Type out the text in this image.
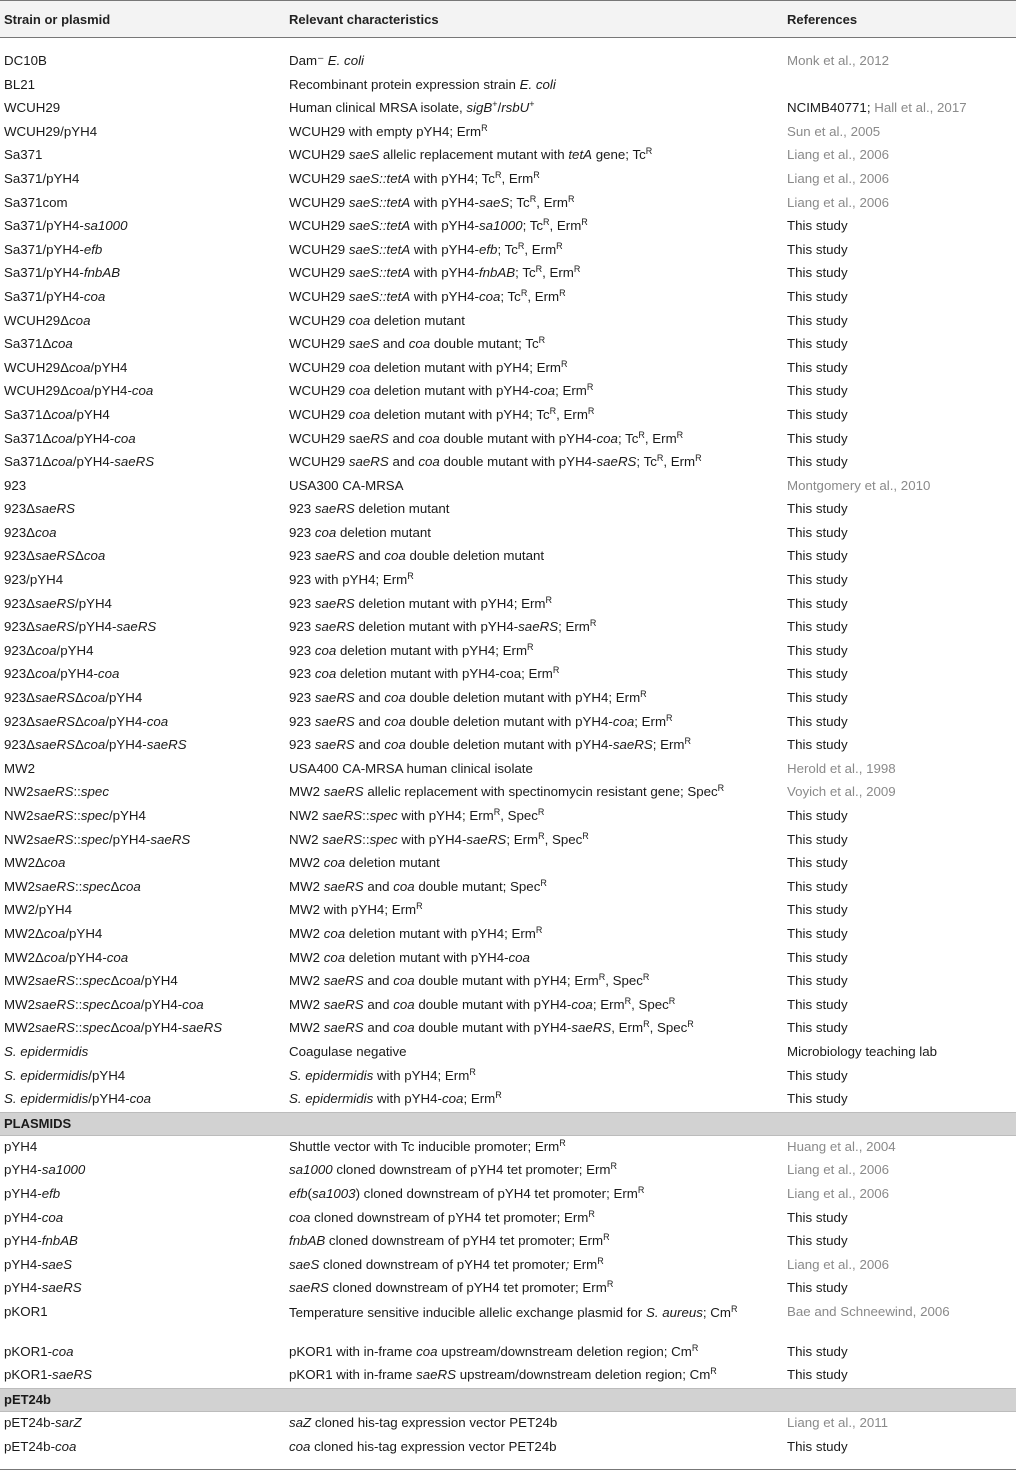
Strain or plasmid	Relevant characteristics	References
DC10B	Dam⁻ E. coli	Monk et al., 2012
BL21	Recombinant protein expression strain E. coli
WCUH29	Human clinical MRSA isolate, sigB+/rsbU+	NCIMB40771; Hall et al., 2017
WCUH29/pYH4	WCUH29 with empty pYH4; Erm$^R$	Sun et al., 2005
Sa371	WCUH29 saeS allelic replacement mutant with tetA gene; $Tc^R$	Liang et al., 2006
Sa371/pYH4	WCUH29 saeS::tetA with pYH4; $Tc^R$, Erm$^R$	Liang et al., 2006
Sa371com	WCUH29 saeS::tetA with pYH4-saeS; $Tc^R$, Erm$^R$	Liang et al., 2006
Sa371/pYH4-sa1000	WCUH29 saeS::tetA with pYH4-sa1000; $Tc^R$, Erm$^R$	This study
Sa371/pYH4-efb	WCUH29 saeS::tetA with pYH4-efb; $Tc^R$, Erm$^R$	This study
Sa371/pYH4-fnbAB	WCUH29 saeS::tetA with pYH4-fnbAB; $Tc^R$, Erm$^R$	This study
Sa371/pYH4-coa	WCUH29 saeS::tetA with pYH4-coa; $Tc^R$, Erm$^R$	This study
WCUH29Δcoa	WCUH29 coa deletion mutant	This study
Sa371Δcoa	WCUH29 saeS and coa double mutant; $Tc^R$	This study
WCUH29Δcoa/pYH4	WCUH29 coa deletion mutant with pYH4; Erm$^R$	This study
WCUH29Δcoa/pYH4-coa	WCUH29 coa deletion mutant with pYH4-coa; Erm$^R$	This study
Sa371Δcoa/pYH4	WCUH29 coa deletion mutant with pYH4; $Tc^R$, Erm$^R$	This study
Sa371Δcoa/pYH4-coa	WCUH29 saeRS and coa double mutant with pYH4-coa; $Tc^R$, Erm$^R$	This study
Sa371Δcoa/pYH4-saeRS	WCUH29 saeRS and coa double mutant with pYH4-saeRS; $Tc^R$, Erm$^R$	This study
923	USA300 CA-MRSA	Montgomery et al., 2010
923ΔsaeRS	923 saeRS deletion mutant	This study
923Δcoa	923 coa deletion mutant	This study
923ΔsaeRSΔcoa	923 saeRS and coa double deletion mutant	This study
923/pYH4	923 with pYH4; Erm$^R$	This study
923ΔsaeRS/pYH4	923 saeRS deletion mutant with pYH4; Erm$^R$	This study
923ΔsaeRS/pYH4-saeRS	923 saeRS deletion mutant with pYH4-saeRS; Erm$^R$	This study
923Δcoa/pYH4	923 coa deletion mutant with pYH4; Erm$^R$	This study
923Δcoa/pYH4-coa	923 coa deletion mutant with pYH4-coa; Erm$^R$	This study
923ΔsaeRSΔcoa/pYH4	923 saeRS and coa double deletion mutant with pYH4; Erm$^R$	This study
923ΔsaeRSΔcoa/pYH4-coa	923 saeRS and coa double deletion mutant with pYH4-coa; Erm$^R$	This study
923ΔsaeRSΔcoa/pYH4-saeRS	923 saeRS and coa double deletion mutant with pYH4-saeRS; Erm$^R$	This study
MW2	USA400 CA-MRSA human clinical isolate	Herold et al., 1998
NW2saeRS::spec	MW2 saeRS allelic replacement with spectinomycin resistant gene; Spec$^R$	Voyich et al., 2009
NW2saeRS::spec/pYH4	NW2 saeRS::spec with pYH4; Erm$^R$, Spec$^R$	This study
NW2saeRS::spec/pYH4-saeRS	NW2 saeRS::spec with pYH4-saeRS; Erm$^R$, Spec$^R$	This study
MW2Δcoa	MW2 coa deletion mutant	This study
MW2saeRS::specΔcoa	MW2 saeRS and coa double mutant; Spec$^R$	This study
MW2/pYH4	MW2 with pYH4; Erm$^R$	This study
MW2Δcoa/pYH4	MW2 coa deletion mutant with pYH4; Erm$^R$	This study
MW2Δcoa/pYH4-coa	MW2 coa deletion mutant with pYH4-coa	This study
MW2saeRS::specΔcoa/pYH4	MW2 saeRS and coa double mutant with pYH4; Erm$^R$, Spec$^R$	This study
MW2saeRS::specΔcoa/pYH4-coa	MW2 saeRS and coa double mutant with pYH4-coa; Erm$^R$, Spec$^R$	This study
MW2saeRS::specΔcoa/pYH4-saeRS	MW2 saeRS and coa double mutant with pYH4-saeRS, Erm$^R$, Spec$^R$	This study
S. epidermidis	Coagulase negative	Microbiology teaching lab
S. epidermidis/pYH4	S. epidermidis with pYH4; Erm$^R$	This study
S. epidermidis/pYH4-coa	S. epidermidis with pYH4-coa; Erm$^R$	This study
PLASMIDS
pYH4	Shuttle vector with Tc inducible promoter; Erm$^R$	Huang et al., 2004
pYH4-sa1000	sa1000 cloned downstream of pYH4 tet promoter; Erm$^R$	Liang et al., 2006
pYH4-efb	efb(sa1003) cloned downstream of pYH4 tet promoter; Erm$^R$	Liang et al., 2006
pYH4-coa	coa cloned downstream of pYH4 tet promoter; Erm$^R$	This study
pYH4-fnbAB	fnbAB cloned downstream of pYH4 tet promoter; Erm$^R$	This study
pYH4-saeS	saeS cloned downstream of pYH4 tet promoter; Erm$^R$	Liang et al., 2006
pYH4-saeRS	saeRS cloned downstream of pYH4 tet promoter; Erm$^R$	This study
pKOR1	Temperature sensitive inducible allelic exchange plasmid for S. aureus; $Cm^R$	Bae and Schneewind, 2006
pKOR1-coa	pKOR1 with in-frame coa upstream/downstream deletion region; $Cm^R$	This study
pKOR1-saeRS	pKOR1 with in-frame saeRS upstream/downstream deletion region; $Cm^R$	This study
pET24b
pET24b-sarZ	saZ cloned his-tag expression vector PET24b	Liang et al., 2011
pET24b-coa	coa cloned his-tag expression vector PET24b	This study
